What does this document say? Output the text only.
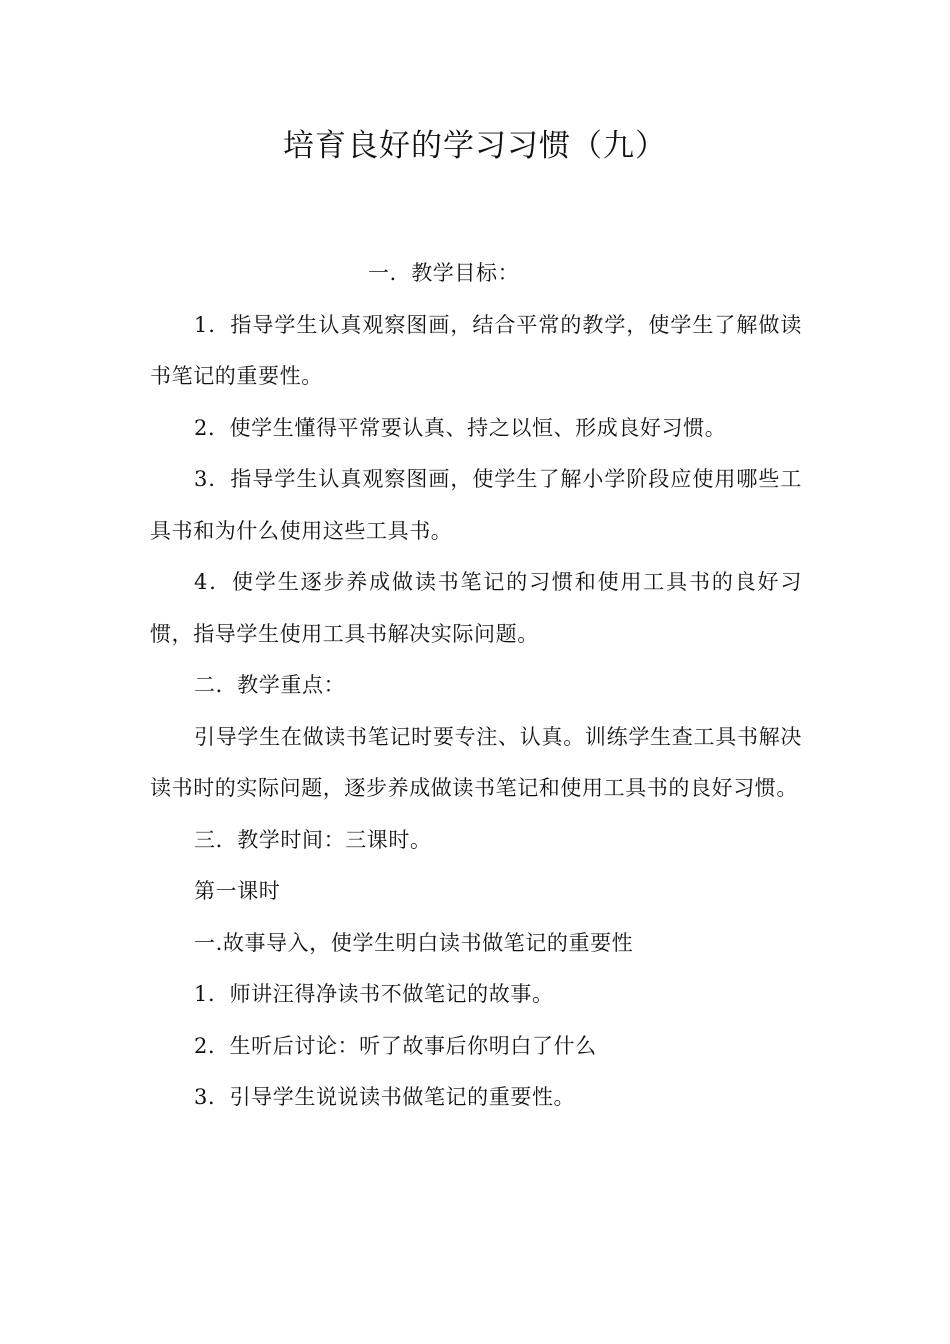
培育良好的学习习惯（九）

一．教学目标：

1．指导学生认真观察图画，结合平常的教学，使学生了解做读书笔记的重要性。

2．使学生懂得平常要认真、持之以恒、形成良好习惯。

3．指导学生认真观察图画，使学生了解小学阶段应使用哪些工具书和为什么使用这些工具书。

4．使学生逐步养成做读书笔记的习惯和使用工具书的良好习惯，指导学生使用工具书解决实际问题。

二．教学重点：

引导学生在做读书笔记时要专注、认真。训练学生查工具书解决读书时的实际问题，逐步养成做读书笔记和使用工具书的良好习惯。

三．教学时间：三课时。

第一课时

一.故事导入，使学生明白读书做笔记的重要性

1．师讲汪得净读书不做笔记的故事。

2．生听后讨论：听了故事后你明白了什么

3．引导学生说说读书做笔记的重要性。
